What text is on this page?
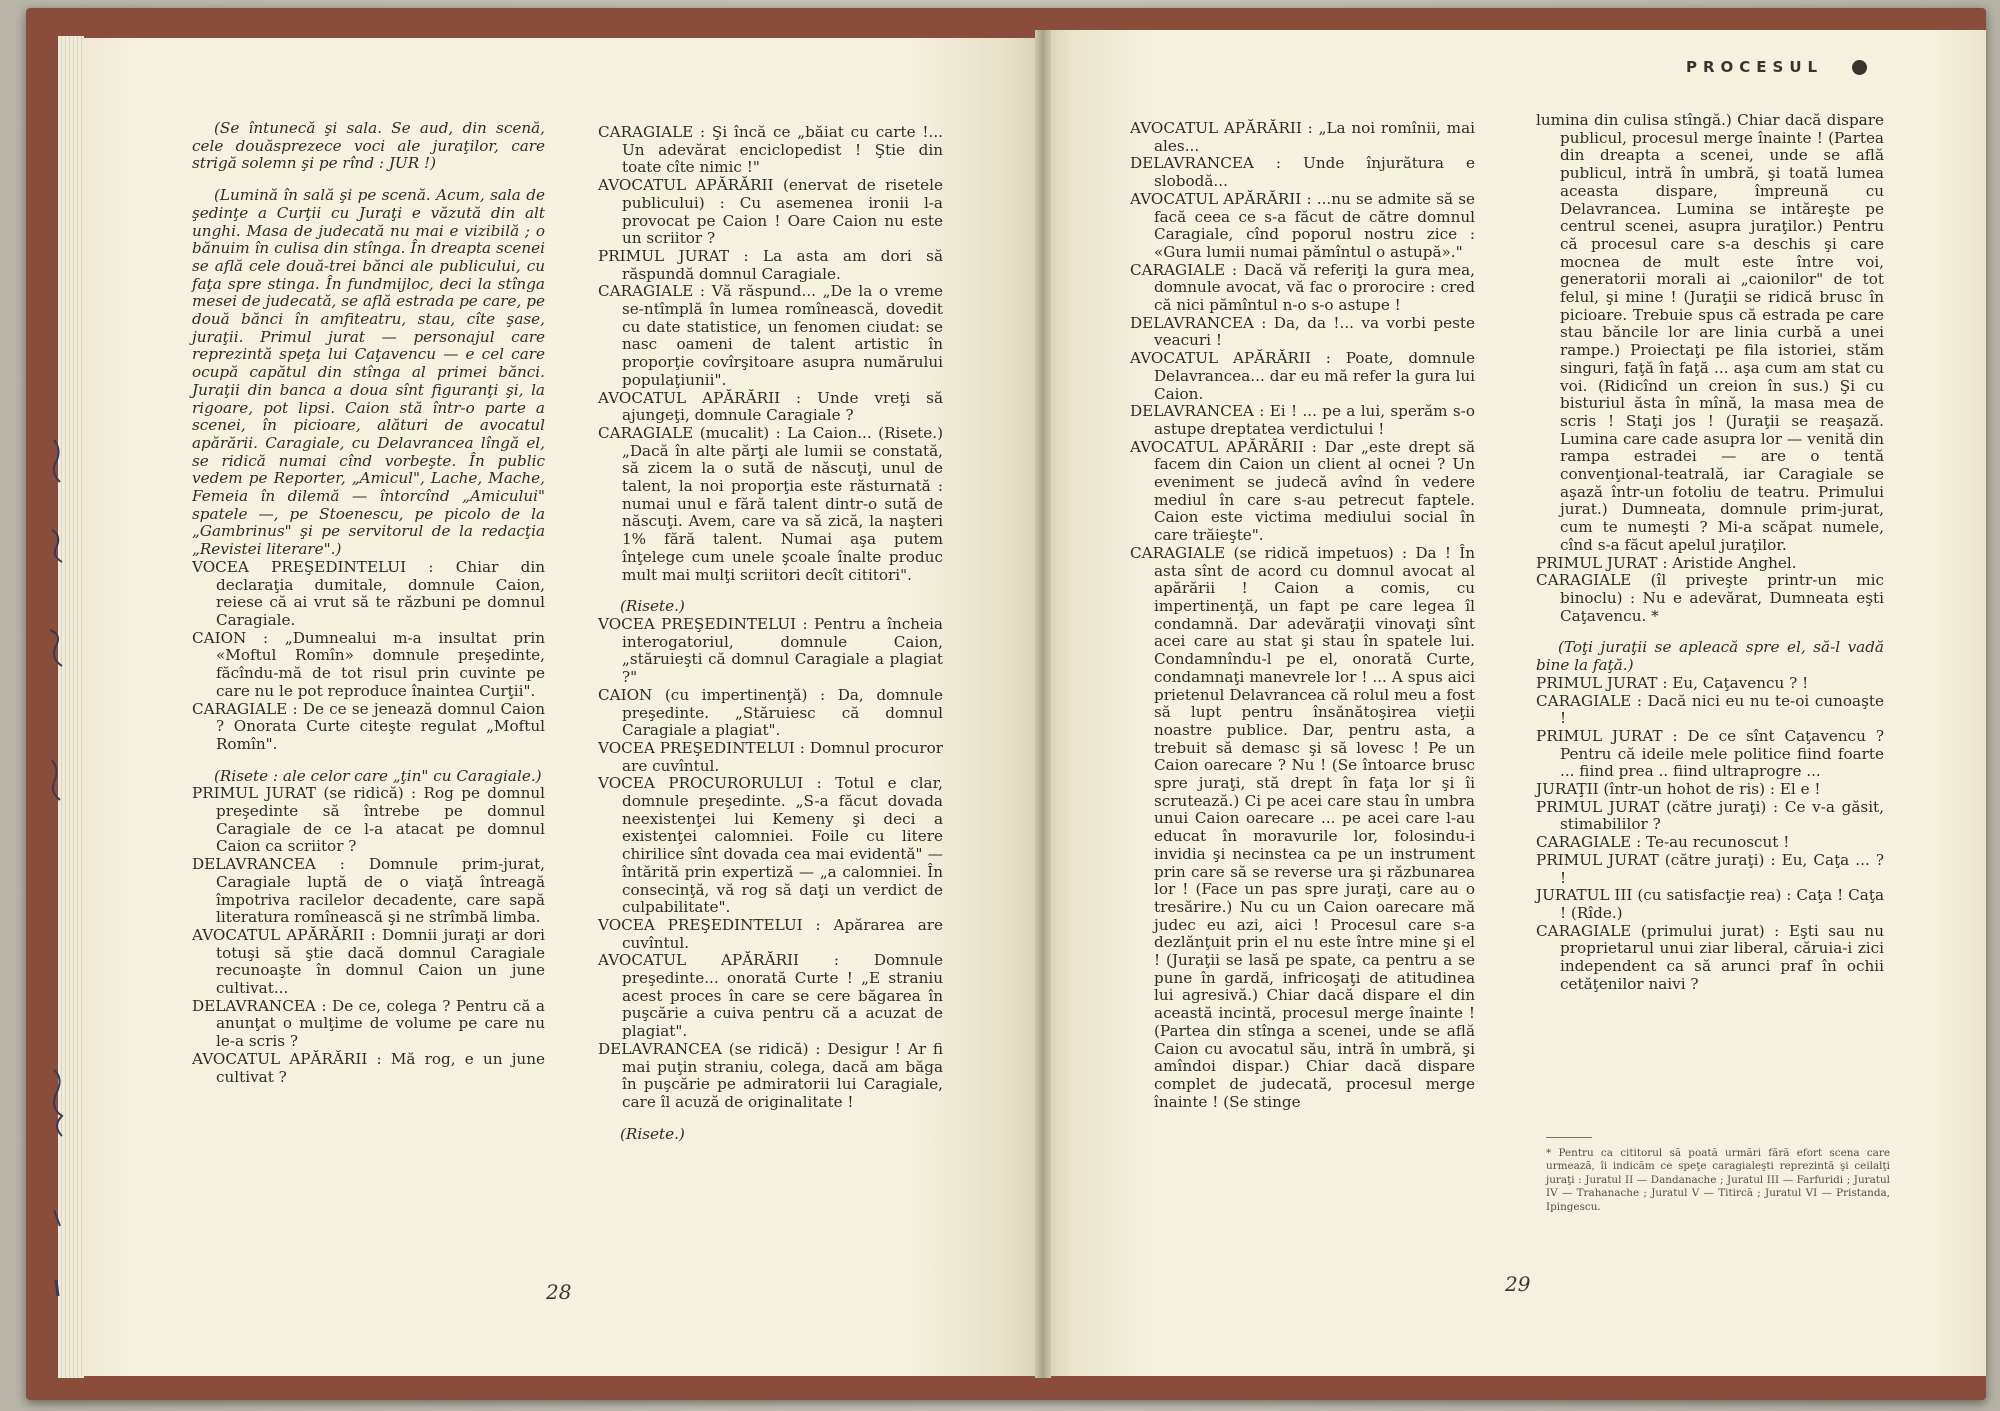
(Se întunecă şi sala. Se aud, din scenă, cele douăsprezece voci ale juraţilor, care strigă solemn şi pe rînd : JUR !)

(Lumină în sală şi pe scenă. Acum, sala de şedinţe a Curţii cu Juraţi e văzută din alt unghi. Masa de judecată nu mai e vizibilă ; o bănuim în culisa din stînga. În dreapta scenei se află cele două-trei bănci ale publicului, cu faţa spre stinga. În fundmijloc, deci la stînga mesei de judecată, se află estrada pe care, pe două bănci în amfiteatru, stau, cîte şase, juraţii. Primul jurat — personajul care reprezintă speţa lui Caţavencu — e cel care ocupă capătul din stînga al primei bănci. Juraţii din banca a doua sînt figuranţi şi, la rigoare, pot lipsi. Caion stă într-o parte a scenei, în picioare, alături de avocatul apărării. Caragiale, cu Delavrancea lîngă el, se ridică numai cînd vorbeşte. În public vedem pe Reporter, „Amicul", Lache, Mache, Femeia în dilemă — întorcînd „Amicului" spatele —, pe Stoenescu, pe picolo de la „Gambrinus" şi pe servitorul de la redacţia „Revistei literare".)

VOCEA PREŞEDINTELUI : Chiar din declaraţia dumitale, domnule Caion, reiese că ai vrut să te răzbuni pe domnul Caragiale.

CAION : „Dumnealui m-a insultat prin «Moftul Romîn» domnule preşedinte, făcîndu-mă de tot risul prin cuvinte pe care nu le pot reproduce înaintea Curţii".

CARAGIALE : De ce se jenează domnul Caion ? Onorata Curte citeşte regulat „Moftul Romîn".

(Risete : ale celor care „ţin" cu Caragiale.)

PRIMUL JURAT (se ridică) : Rog pe domnul preşedinte să întrebe pe domnul Caragiale de ce l-a atacat pe domnul Caion ca scriitor ?

DELAVRANCEA : Domnule prim-jurat, Caragiale luptă de o viaţă întreagă împotriva racilelor decadente, care sapă literatura romînească şi ne strîmbă limba.

AVOCATUL APĂRĂRII : Domnii juraţi ar dori totuşi să ştie dacă domnul Caragiale recunoaşte în domnul Caion un june cultivat...

DELAVRANCEA : De ce, colega ? Pentru că a anunţat o mulţime de volume pe care nu le-a scris ?

AVOCATUL APĂRĂRII : Mă rog, e un june cultivat ?

CARAGIALE : Şi încă ce „băiat cu carte !... Un adevărat enciclopedist ! Ştie din toate cîte nimic !"

AVOCATUL APĂRĂRII (enervat de risetele publicului) : Cu asemenea ironii l-a provocat pe Caion ! Oare Caion nu este un scriitor ?

PRIMUL JURAT : La asta am dori să răspundă domnul Caragiale.

CARAGIALE : Vă răspund... „De la o vreme se-ntîmplă în lumea romînească, dovedit cu date statistice, un fenomen ciudat: se nasc oameni de talent artistic în proporţie covîrşitoare asupra numărului populaţiunii".

AVOCATUL APĂRĂRII : Unde vreţi să ajungeţi, domnule Caragiale ?

CARAGIALE (mucalit) : La Caion... (Risete.) „Dacă în alte părţi ale lumii se constată, să zicem la o sută de născuţi, unul de talent, la noi proporţia este răsturnată : numai unul e fără talent dintr-o sută de născuţi. Avem, care va să zică, la naşteri 1% fără talent. Numai aşa putem înţelege cum unele şcoale înalte produc mult mai mulţi scriitori decît cititori".

(Risete.)

VOCEA PREŞEDINTELUI : Pentru a încheia interogatoriul, domnule Caion, „stăruieşti că domnul Caragiale a plagiat ?"

CAION (cu impertinenţă) : Da, domnule preşedinte. „Stăruiesc că domnul Caragiale a plagiat".

VOCEA PREŞEDINTELUI : Domnul procuror are cuvîntul.

VOCEA PROCURORULUI : Totul e clar, domnule preşedinte. „S-a făcut dovada neexistenţei lui Kemeny şi deci a existenţei calomniei. Foile cu litere chirilice sînt dovada cea mai evidentă" — întărită prin expertiză — „a calomniei. În consecinţă, vă rog să daţi un verdict de culpabilitate".

VOCEA PREŞEDINTELUI : Apărarea are cuvîntul.

AVOCATUL APĂRĂRII : Domnule preşedinte... onorată Curte ! „E straniu acest proces în care se cere băgarea în puşcărie a cuiva pentru că a acuzat de plagiat".

DELAVRANCEA (se ridică) : Desigur ! Ar fi mai puţin straniu, colega, dacă am băga în puşcărie pe admiratorii lui Caragiale, care îl acuză de originalitate !

(Risete.)

28
PROCESUL

AVOCATUL APĂRĂRII : „La noi romînii, mai ales...

DELAVRANCEA : Unde înjurătura e slobodă...

AVOCATUL APĂRĂRII : ...nu se admite să se facă ceea ce s-a făcut de către domnul Caragiale, cînd poporul nostru zice : «Gura lumii numai pămîntul o astupă»."

CARAGIALE : Dacă vă referiţi la gura mea, domnule avocat, vă fac o prorocire : cred că nici pămîntul n-o s-o astupe !

DELAVRANCEA : Da, da !... va vorbi peste veacuri !

AVOCATUL APĂRĂRII : Poate, domnule Delavrancea... dar eu mă refer la gura lui Caion.

DELAVRANCEA : Ei ! ... pe a lui, sperăm s-o astupe dreptatea verdictului !

AVOCATUL APĂRĂRII : Dar „este drept să facem din Caion un client al ocnei ? Un eveniment se judecă avînd în vedere mediul în care s-au petrecut faptele. Caion este victima mediului social în care trăieşte".

CARAGIALE (se ridică impetuos) : Da ! În asta sînt de acord cu domnul avocat al apărării ! Caion a comis, cu impertinenţă, un fapt pe care legea îl condamnă. Dar adevăraţii vinovaţi sînt acei care au stat şi stau în spatele lui. Condamnîndu-l pe el, onorată Curte, condamnaţi manevrele lor ! ... A spus aici prietenul Delavrancea că rolul meu a fost să lupt pentru însănătoşirea vieţii noastre publice. Dar, pentru asta, a trebuit să demasc şi să lovesc ! Pe un Caion oarecare ? Nu ! (Se întoarce brusc spre juraţi, stă drept în faţa lor şi îi scrutează.) Ci pe acei care stau în umbra unui Caion oarecare ... pe acei care l-au educat în moravurile lor, folosindu-i invidia şi necinstea ca pe un instrument prin care să se reverse ura şi răzbunarea lor ! (Face un pas spre juraţi, care au o tresărire.) Nu cu un Caion oarecare mă judec eu azi, aici ! Procesul care s-a dezlănţuit prin el nu este între mine şi el ! (Juraţii se lasă pe spate, ca pentru a se pune în gardă, infricoşaţi de atitudinea lui agresivă.) Chiar dacă dispare el din această incintă, procesul merge înainte ! (Partea din stînga a scenei, unde se află Caion cu avocatul său, intră în umbră, şi amîndoi dispar.) Chiar dacă dispare complet de judecată, procesul merge înainte ! (Se stinge

lumina din culisa stîngă.) Chiar dacă dispare publicul, procesul merge înainte ! (Partea din dreapta a scenei, unde se află publicul, intră în umbră, şi toată lumea aceasta dispare, împreună cu Delavrancea. Lumina se intăreşte pe centrul scenei, asupra juraţilor.) Pentru că procesul care s-a deschis şi care mocnea de mult este între voi, generatorii morali ai „caionilor" de tot felul, şi mine ! (Juraţii se ridică brusc în picioare. Trebuie spus că estrada pe care stau băncile lor are linia curbă a unei rampe.) Proiectaţi pe fila istoriei, stăm singuri, faţă în faţă ... aşa cum am stat cu voi. (Ridicînd un creion în sus.) Şi cu bisturiul ăsta în mînă, la masa mea de scris ! Staţi jos ! (Juraţii se reaşază. Lumina care cade asupra lor — venită din rampa estradei — are o tentă convenţional-teatrală, iar Caragiale se aşază într-un fotoliu de teatru. Primului jurat.) Dumneata, domnule prim-jurat, cum te numeşti ? Mi-a scăpat numele, cînd s-a făcut apelul juraţilor.

PRIMUL JURAT : Aristide Anghel.

CARAGIALE (îl priveşte printr-un mic binoclu) : Nu e adevărat, Dumneata eşti Caţavencu. *

(Toţi juraţii se apleacă spre el, să-l vadă bine la faţă.)

PRIMUL JURAT : Eu, Caţavencu ? !

CARAGIALE : Dacă nici eu nu te-oi cunoaşte !

PRIMUL JURAT : De ce sînt Caţavencu ? Pentru că ideile mele politice fiind foarte ... fiind prea .. fiind ultraprogre ...

JURAŢII (într-un hohot de ris) : El e !

PRIMUL JURAT (către juraţi) : Ce v-a găsit, stimabililor ?

CARAGIALE : Te-au recunoscut !

PRIMUL JURAT (către juraţi) : Eu, Caţa ... ? !

JURATUL III (cu satisfacţie rea) : Caţa ! Caţa ! (Rîde.)

CARAGIALE (primului jurat) : Eşti sau nu proprietarul unui ziar liberal, căruia-i zici independent ca să arunci praf în ochii cetăţenilor naivi ?

* Pentru ca cititorul să poată urmări fără efort scena care urmează, îi indicăm ce speţe caragialeşti reprezintă şi ceilalţi juraţi : Juratul II — Dandanache ; Juratul III — Farfuridi ; Juratul IV — Trahanache ; Juratul V — Titircă ; Juratul VI — Pristanda, Ipingescu.
29
